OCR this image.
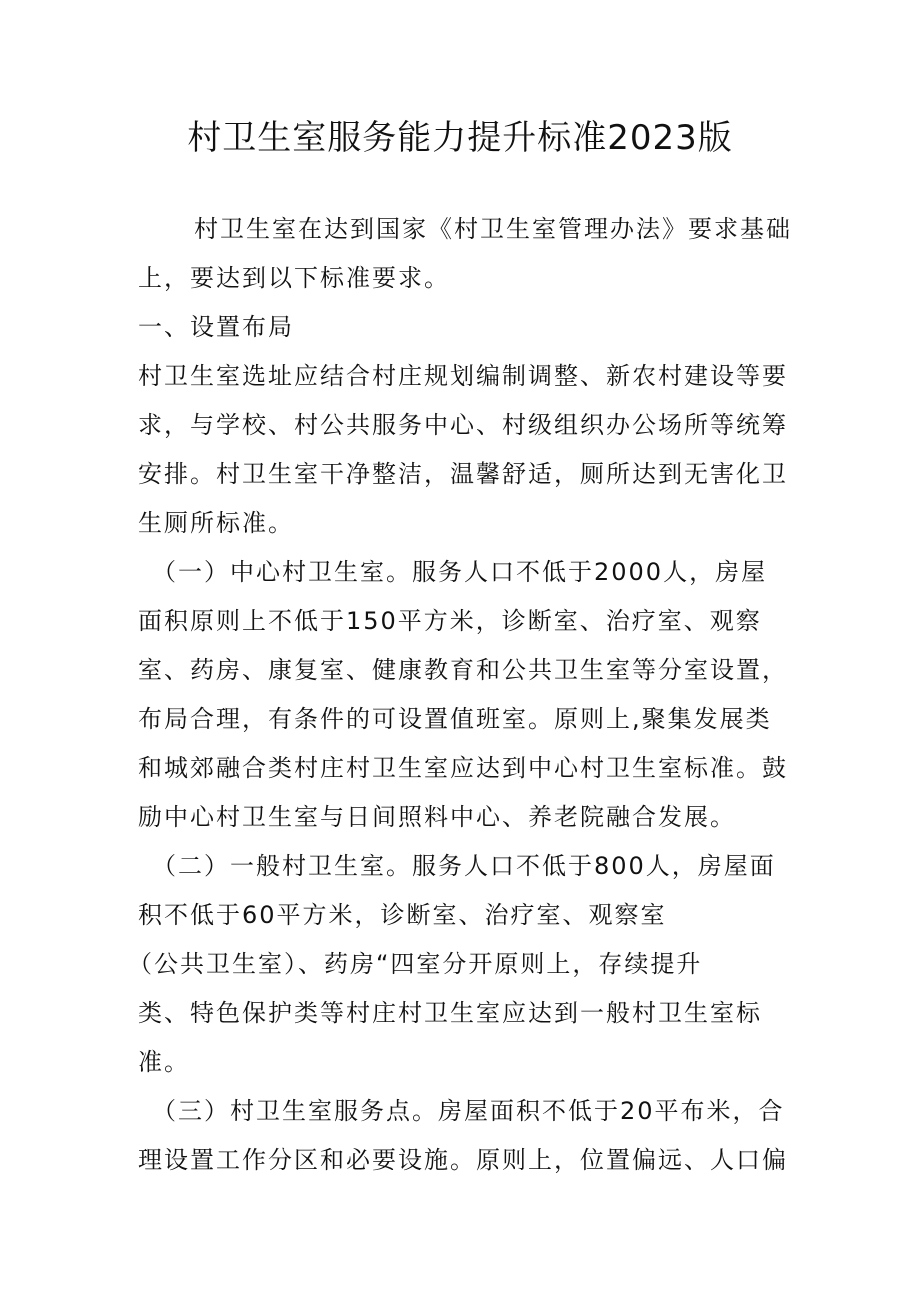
村卫生室服务能力提升标准2023版
村卫生室在达到国家《村卫生室管理办法》要求基础
上，要达到以下标准要求。
一、设置布局
村卫生室选址应结合村庄规划编制调整、新农村建设等要
求，与学校、村公共服务中心、村级组织办公场所等统筹
安排。村卫生室干净整洁，温馨舒适，厕所达到无害化卫
生厕所标准。
（一）中心村卫生室。服务人口不低于2000人，房屋
面积原则上不低于150平方米，诊断室、治疗室、观察
室、药房、康复室、健康教育和公共卫生室等分室设置，
布局合理，有条件的可设置值班室。原则上,聚集发展类
和城郊融合类村庄村卫生室应达到中心村卫生室标准。鼓
励中心村卫生室与日间照料中心、养老院融合发展。
（二）一般村卫生室。服务人口不低于800人，房屋面
积不低于60平方米，诊断室、治疗室、观察室
（公共卫生室）、药房“四室分开原则上，存续提升
类、特色保护类等村庄村卫生室应达到一般村卫生室标
准。
（三）村卫生室服务点。房屋面积不低于20平布米，合
理设置工作分区和必要设施。原则上，位置偏远、人口偏
